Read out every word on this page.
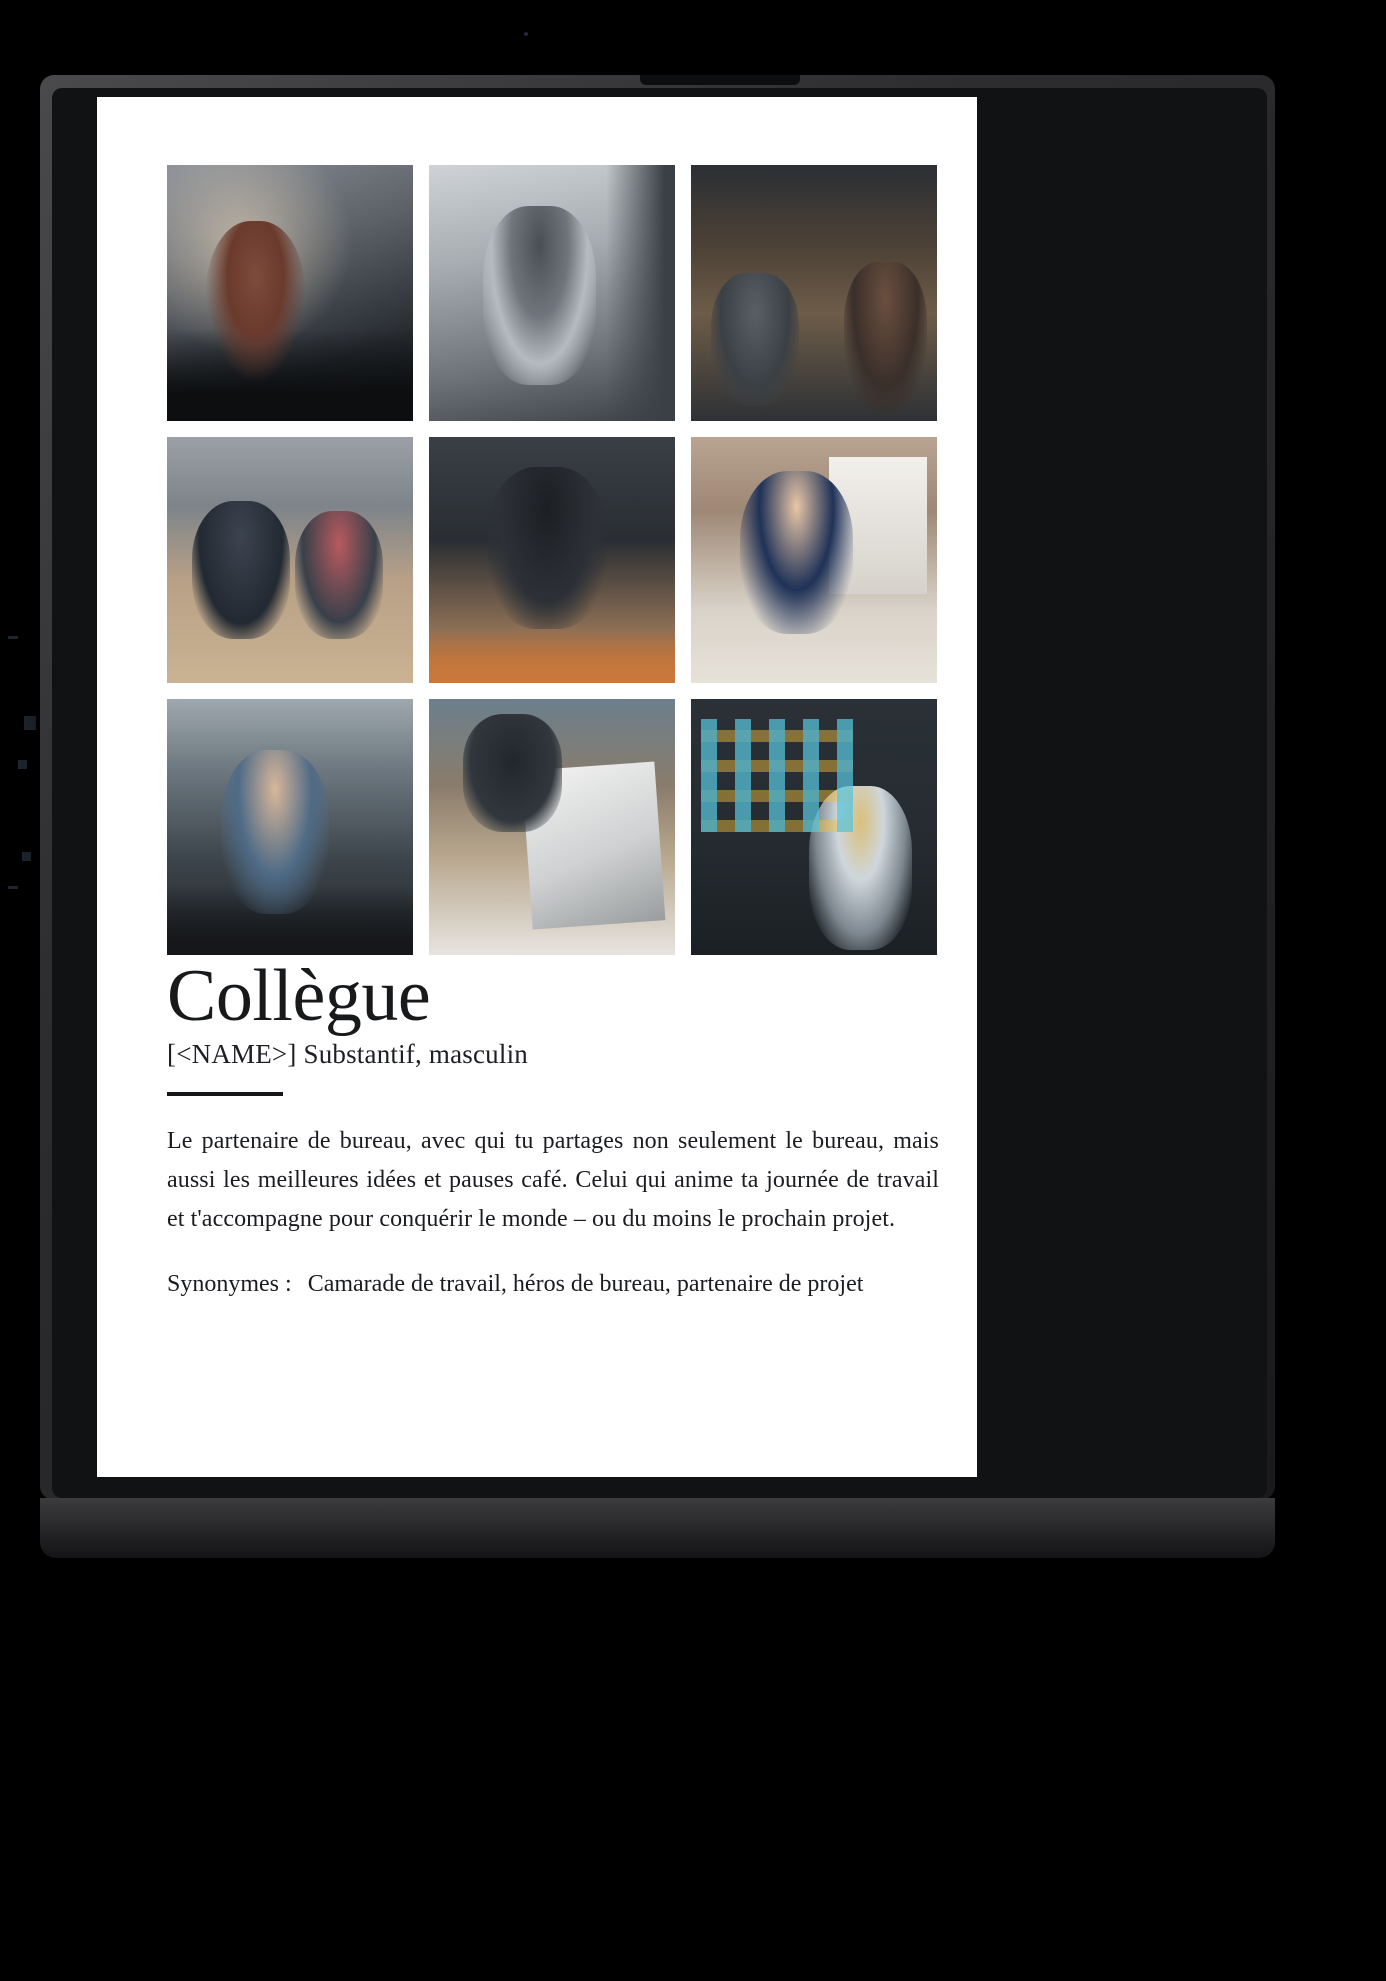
Collègue

[<NAME>] Substantif, masculin

Le partenaire de bureau, avec qui tu partages non seulement le bureau, mais aussi les meilleures idées et pauses café. Celui qui anime ta journée de travail et t'accompagne pour conquérir le monde – ou du moins le prochain projet.

Synonymes : Camarade de travail, héros de bureau, partenaire de projet
